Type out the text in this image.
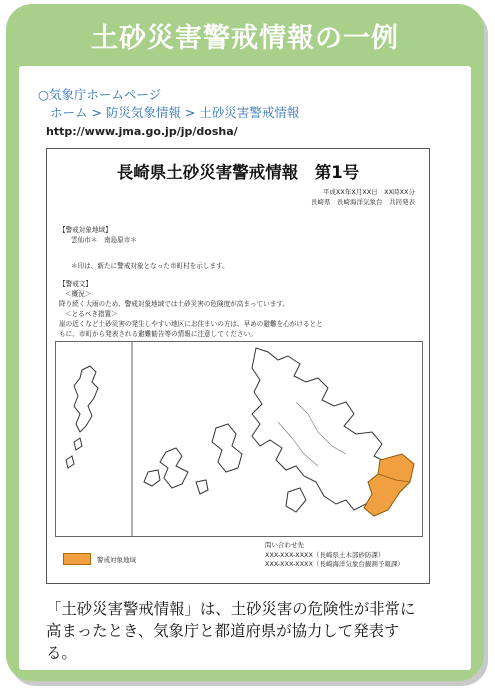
土砂災害警戒情報の一例
○気象庁ホームページ
ホーム > 防災気象情報 > 土砂災害警戒情報
http://www.jma.go.jp/jp/dosha/
長崎県土砂災害警戒情報　第1号
平成XX年X月XX日　XX時XX分
長崎県　長崎海洋気象台　共同発表
【警戒対象地域】
雲仙市＊　南島原市＊
＊印は、新たに警戒対象となった市町村を示します。
【警戒文】
＜概況＞
降り続く大雨のため、警戒対象地域では土砂災害の危険度が高まっています。
＜とるべき措置＞
崖の近くなど土砂災害の発生しやすい地区にお住まいの方は、早めの避難を心がけるとと
もに、市町から発表される避難勧告等の情報に注意してください。
警戒対象地域
問い合わせ先
XXX-XXX-XXXX（長崎県土木部砂防課）
XXX-XXX-XXXX（長崎海洋気象台観測予報課）
「土砂災害警戒情報」は、土砂災害の危険性が非常に
高まったとき、気象庁と都道府県が協力して発表す
る。
